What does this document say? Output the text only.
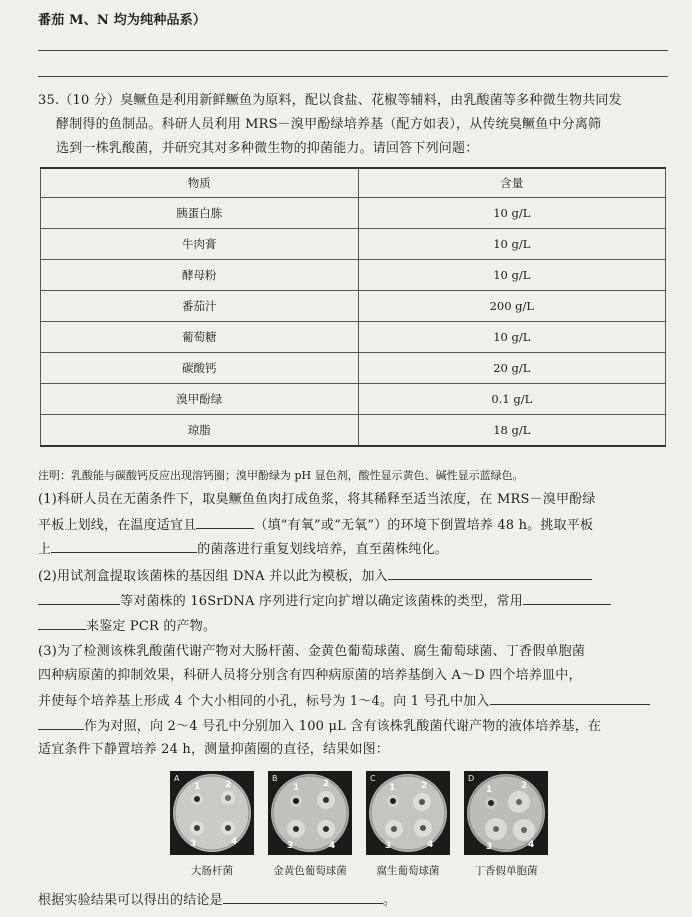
番茄 M、N 均为纯种品系）
35.（10 分）臭鳜鱼是利用新鲜鳜鱼为原料，配以食盐、花椒等辅料，由乳酸菌等多种微生物共同发
酵制得的鱼制品。科研人员利用 MRS－溴甲酚绿培养基（配方如表），从传统臭鳜鱼中分离筛
选到一株乳酸菌，并研究其对多种微生物的抑菌能力。请回答下列问题：
物质	含量
胰蛋白胨	10 g/L
牛肉膏	10 g/L
酵母粉	10 g/L
番茄汁	200 g/L
葡萄糖	10 g/L
碳酸钙	20 g/L
溴甲酚绿	0.1 g/L
琼脂	18 g/L
注明：乳酸能与碳酸钙反应出现溶钙圈；溴甲酚绿为 pH 显色剂，酸性显示黄色、碱性显示蓝绿色。
(1)科研人员在无菌条件下，取臭鳜鱼鱼肉打成鱼浆，将其稀释至适当浓度，在 MRS－溴甲酚绿
平板上划线，在温度适宜且	（填“有氧”或“无氧”）的环境下倒置培养 48 h。挑取平板
上	的菌落进行重复划线培养，直至菌株纯化。
(2)用试剂盒提取该菌株的基因组 DNA 并以此为模板，加入
等对菌株的 16SrDNA 序列进行定向扩增以确定该菌株的类型，常用
来鉴定 PCR 的产物。
(3)为了检测该株乳酸菌代谢产物对大肠杆菌、金黄色葡萄球菌、腐生葡萄球菌、丁香假单胞菌
四种病原菌的抑制效果，科研人员将分别含有四种病原菌的培养基倒入 A～D 四个培养皿中，
并使每个培养基上形成 4 个大小相同的小孔，标号为 1～4。向 1 号孔中加入
作为对照，向 2～4 号孔中分别加入 100 μL 含有该株乳酸菌代谢产物的液体培养基，在
适宜条件下静置培养 24 h，测量抑菌圈的直径，结果如图：
A
1	2
3	4
大肠杆菌
B
1	2
3	4
金黄色葡萄球菌
C
1	2
3	4
腐生葡萄球菌
D
1	2
3	4
丁香假单胞菌
根据实验结果可以得出的结论是	。
